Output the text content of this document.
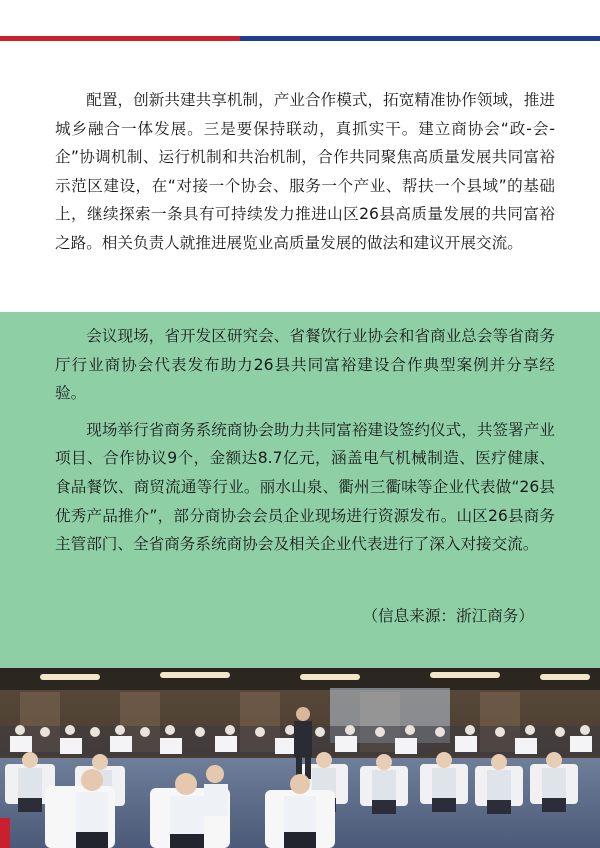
配置，创新共建共享机制，产业合作模式，拓宽精准协作领域，推进城乡融合一体发展。三是要保持联动，真抓实干。建立商协会“政-会-企”协调机制、运行机制和共治机制，合作共同聚焦高质量发展共同富裕示范区建设，在“对接一个协会、服务一个产业、帮扶一个县域”的基础上，继续探索一条具有可持续发力推进山区26县高质量发展的共同富裕之路。相关负责人就推进展览业高质量发展的做法和建议开展交流。

会议现场，省开发区研究会、省餐饮行业协会和省商业总会等省商务厅行业商协会代表发布助力26县共同富裕建设合作典型案例并分享经验。

现场举行省商务系统商协会助力共同富裕建设签约仪式，共签署产业项目、合作协议9个，金额达8.7亿元，涵盖电气机械制造、医疗健康、食品餐饮、商贸流通等行业。丽水山泉、衢州三衢味等企业代表做“26县优秀产品推介”，部分商协会会员企业现场进行资源发布。山区26县商务主管部门、全省商务系统商协会及相关企业代表进行了深入对接交流。

（信息来源：浙江商务）
